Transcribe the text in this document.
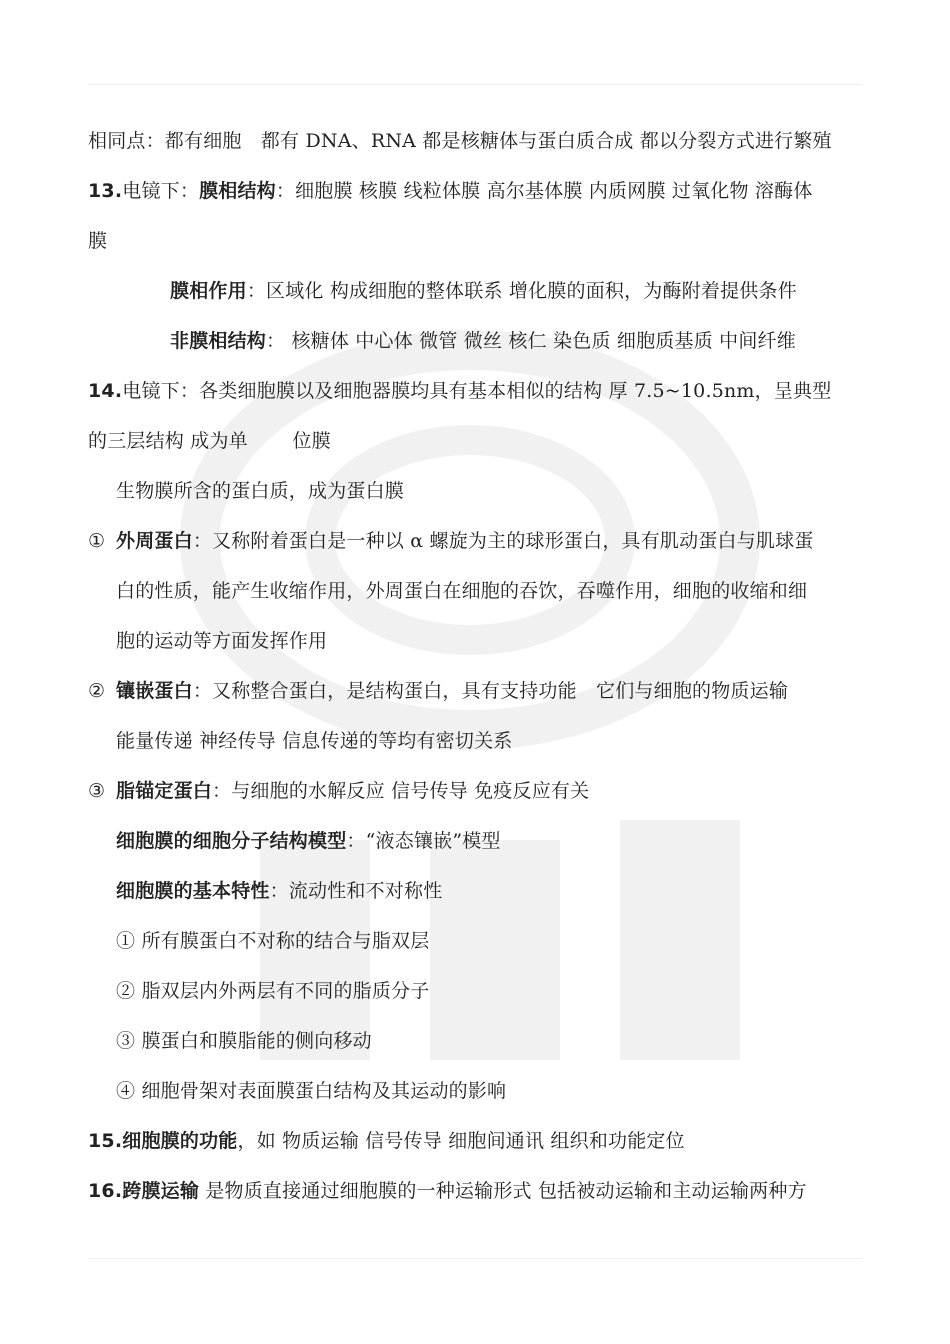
相同点：都有细胞　都有 DNA、RNA 都是核糖体与蛋白质合成 都以分裂方式进行繁殖
13.电镜下：膜相结构：细胞膜 核膜 线粒体膜 高尔基体膜 内质网膜 过氧化物 溶酶体
膜
膜相作用：区域化 构成细胞的整体联系 增化膜的面积，为酶附着提供条件
非膜相结构： 核糖体 中心体 微管 微丝 核仁 染色质 细胞质基质 中间纤维
14.电镜下：各类细胞膜以及细胞器膜均具有基本相似的结构 厚 7.5~10.5nm，呈典型
的三层结构 成为单　　 位膜
生物膜所含的蛋白质，成为蛋白膜
① 外周蛋白：又称附着蛋白是一种以 α 螺旋为主的球形蛋白，具有肌动蛋白与肌球蛋
白的性质，能产生收缩作用，外周蛋白在细胞的吞饮，吞噬作用，细胞的收缩和细
胞的运动等方面发挥作用
② 镶嵌蛋白：又称整合蛋白，是结构蛋白，具有支持功能　它们与细胞的物质运输
能量传递 神经传导 信息传递的等均有密切关系
③ 脂锚定蛋白：与细胞的水解反应 信号传导 免疫反应有关
细胞膜的细胞分子结构模型：“液态镶嵌”模型
细胞膜的基本特性：流动性和不对称性
① 所有膜蛋白不对称的结合与脂双层
② 脂双层内外两层有不同的脂质分子
③ 膜蛋白和膜脂能的侧向移动
④ 细胞骨架对表面膜蛋白结构及其运动的影响
15.细胞膜的功能，如 物质运输 信号传导 细胞间通讯 组织和功能定位
16.跨膜运输 是物质直接通过细胞膜的一种运输形式 包括被动运输和主动运输两种方
